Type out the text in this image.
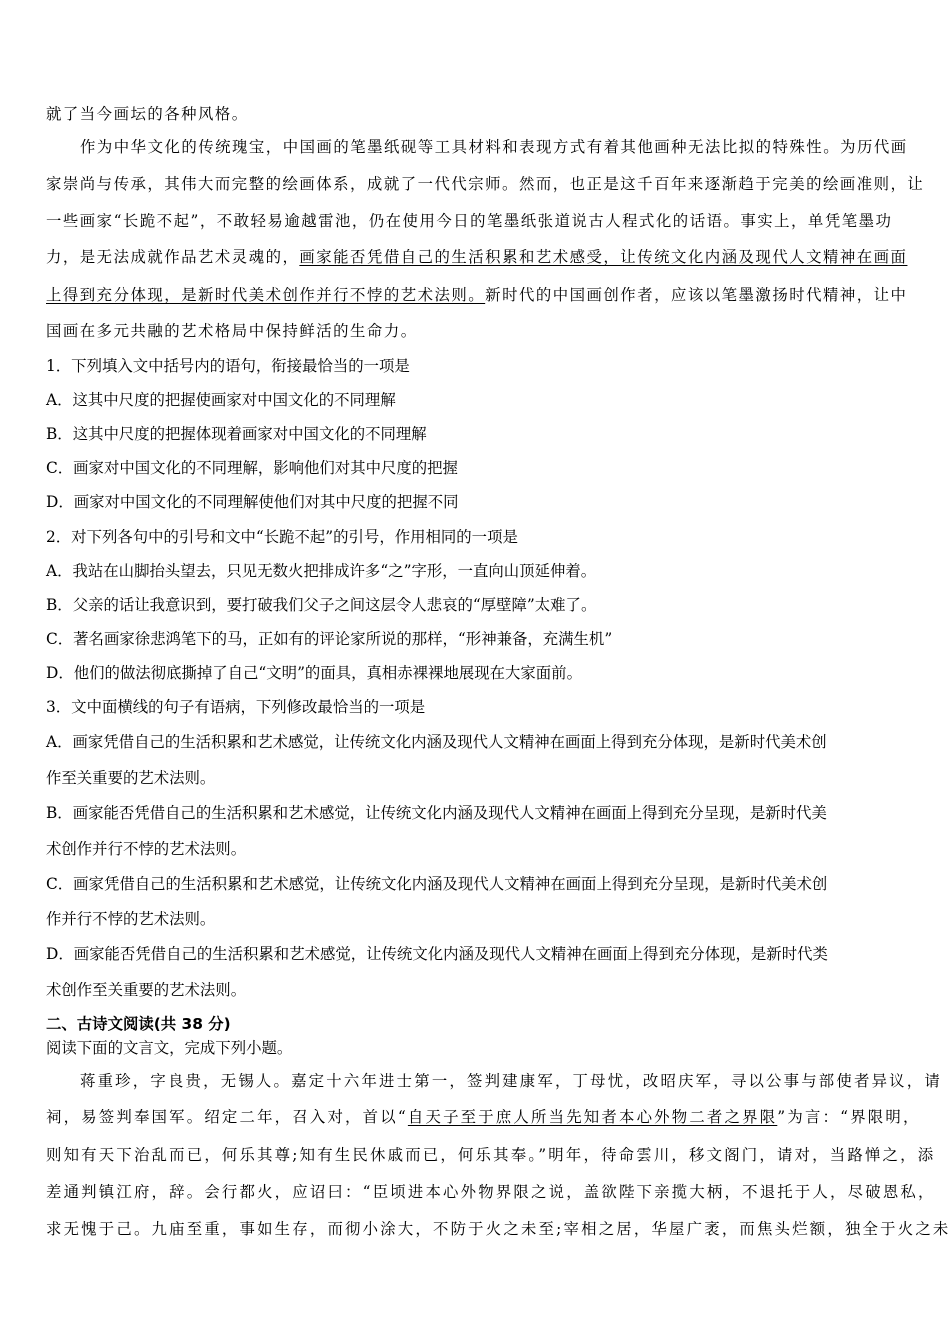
就了当今画坛的各种风格。
作为中华文化的传统瑰宝，中国画的笔墨纸砚等工具材料和表现方式有着其他画种无法比拟的特殊性。为历代画
家崇尚与传承，其伟大而完整的绘画体系，成就了一代代宗师。然而，也正是这千百年来逐渐趋于完美的绘画准则，让
一些画家“长跪不起”，不敢轻易逾越雷池，仍在使用今日的笔墨纸张道说古人程式化的话语。事实上，单凭笔墨功
力，是无法成就作品艺术灵魂的，画家能否凭借自己的生活积累和艺术感受，让传统文化内涵及现代人文精神在画面
上得到充分体现，是新时代美术创作并行不悖的艺术法则。新时代的中国画创作者，应该以笔墨激扬时代精神，让中
国画在多元共融的艺术格局中保持鲜活的生命力。
1．下列填入文中括号内的语句，衔接最恰当的一项是
A．这其中尺度的把握使画家对中国文化的不同理解
B．这其中尺度的把握体现着画家对中国文化的不同理解
C．画家对中国文化的不同理解，影响他们对其中尺度的把握
D．画家对中国文化的不同理解使他们对其中尺度的把握不同
2．对下列各句中的引号和文中“长跪不起”的引号，作用相同的一项是
A．我站在山脚抬头望去，只见无数火把排成许多“之”字形，一直向山顶延伸着。
B．父亲的话让我意识到，要打破我们父子之间这层令人悲哀的“厚壁障”太难了。
C．著名画家徐悲鸿笔下的马，正如有的评论家所说的那样，“形神兼备，充满生机”
D．他们的做法彻底撕掉了自己“文明”的面具，真相赤裸裸地展现在大家面前。
3．文中面横线的句子有语病，下列修改最恰当的一项是
A．画家凭借自己的生活积累和艺术感觉，让传统文化内涵及现代人文精神在画面上得到充分体现，是新时代美术创
作至关重要的艺术法则。
B．画家能否凭借自己的生活积累和艺术感觉，让传统文化内涵及现代人文精神在画面上得到充分呈现，是新时代美
术创作并行不悖的艺术法则。
C．画家凭借自己的生活积累和艺术感觉，让传统文化内涵及现代人文精神在画面上得到充分呈现，是新时代美术创
作并行不悖的艺术法则。
D．画家能否凭借自己的生活积累和艺术感觉，让传统文化内涵及现代人文精神在画面上得到充分体现，是新时代类
术创作至关重要的艺术法则。
二、古诗文阅读(共 38 分)
阅读下面的文言文，完成下列小题。
蒋重珍，字良贵，无锡人。嘉定十六年进士第一，签判建康军，丁母忧，改昭庆军，寻以公事与部使者异议，请
祠，易签判奉国军。绍定二年，召入对，首以“自天子至于庶人所当先知者本心外物二者之界限”为言：“界限明，
则知有天下治乱而已，何乐其尊;知有生民休戚而已，何乐其奉。”明年，待命雲川，移文阁门，请对，当路惮之，添
差通判镇江府，辞。会行都火，应诏曰：“臣顷进本心外物界限之说，盖欲陛下亲揽大柄，不退托于人，尽破恩私，
求无愧于己。九庙至重，事如生存，而彻小涂大，不防于火之未至;宰相之居，华屋广袤，而焦头烂额，独全于火之未
